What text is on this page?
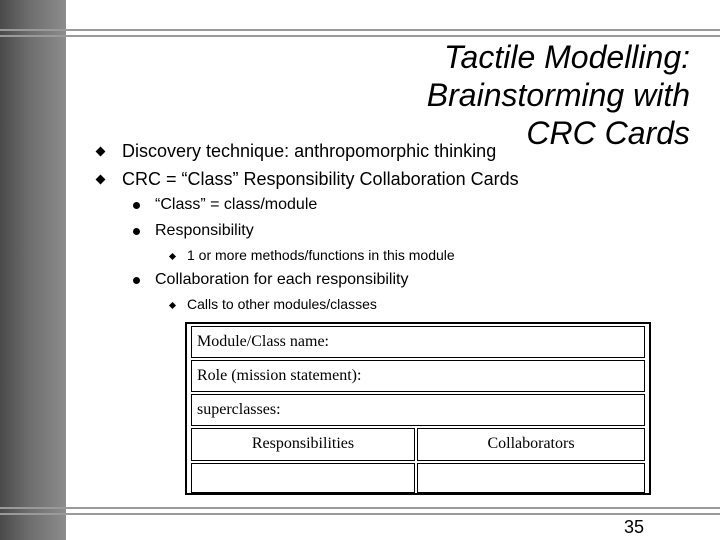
Tactile Modelling:
Brainstorming with
CRC Cards
Discovery technique: anthropomorphic thinking
CRC = “Class” Responsibility Collaboration Cards
“Class” = class/module
Responsibility
1 or more methods/functions in this module
Collaboration for each responsibility
Calls to other modules/classes
Module/Class name:
Role (mission statement):
superclasses:
Responsibilities	Collaborators
35
